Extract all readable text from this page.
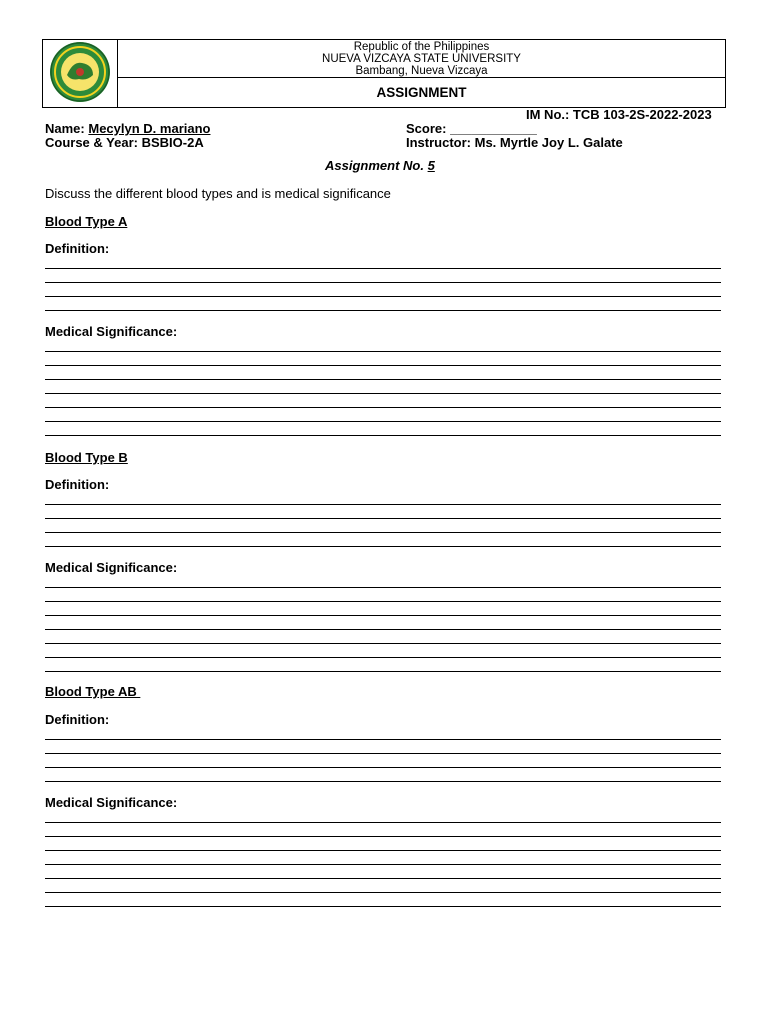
Republic of the Philippines
NUEVA VIZCAYA STATE UNIVERSITY
Bambang, Nueva Vizcaya
ASSIGNMENT
IM No.: TCB 103-2S-2022-2023
Name: Mecylyn D. mariano	Score: ____________
Course & Year: BSBIO-2A	Instructor: Ms. Myrtle Joy L. Galate
Assignment No. 5
Discuss the different blood types and is medical significance
Blood Type A
Definition:
Medical Significance:
Blood Type B
Definition:
Medical Significance:
Blood Type AB
Definition:
Medical Significance:
